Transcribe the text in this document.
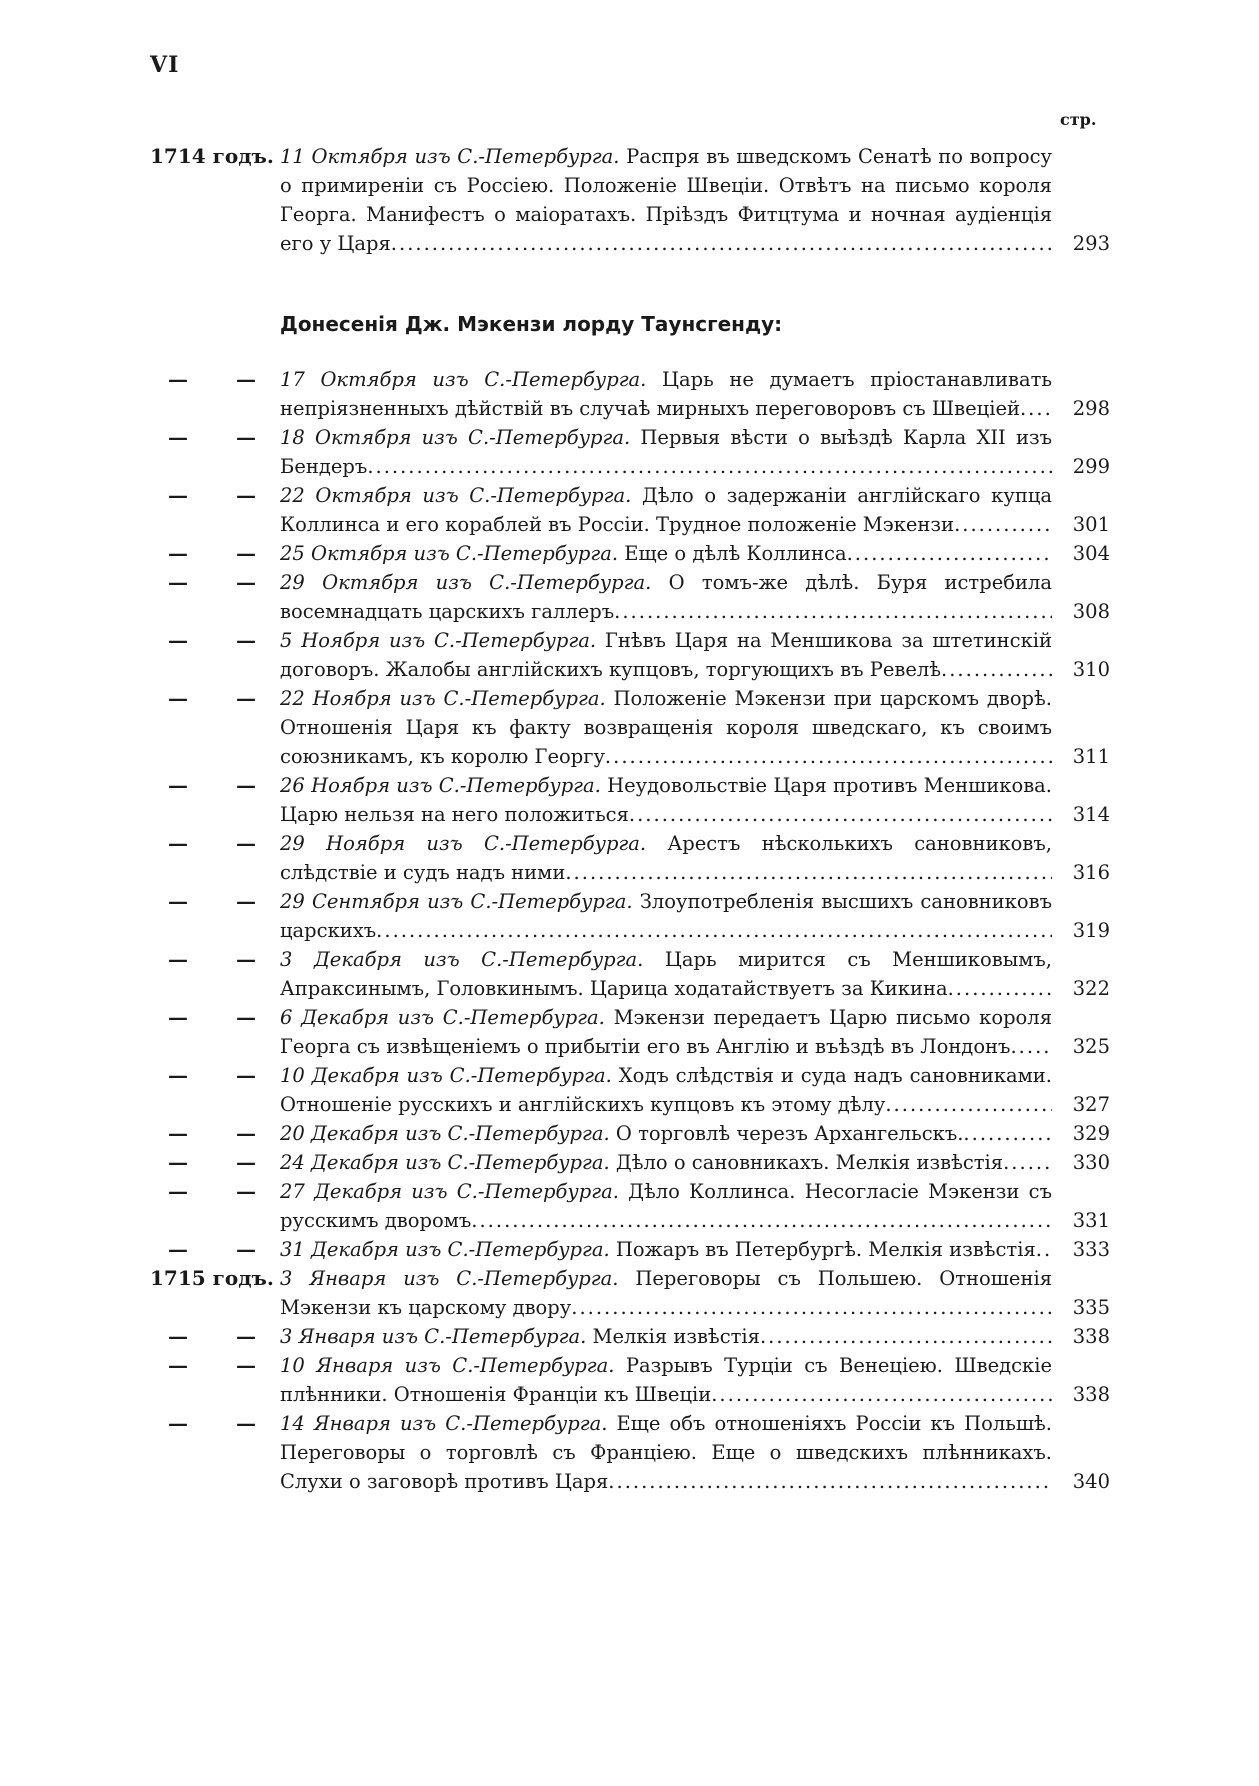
VI
стр.
1714 годъ. 11 Октября изъ С.-Петербурга. Распря въ шведскомъ Сенатѣ по вопросу о примиреніи съ Россіею. Положеніе Швеціи. Отвѣтъ на письмо короля Георга. Манифестъ о маіоратахъ. Пріѣздъ Фитцтума и ночная аудіенція его у Царя .....	293
Донесенія Дж. Мэкензи лорду Таунсгенду:
— — 17 Октября изъ С.-Петербурга. Царь не думаетъ пріостанавливать непріязненныхъ дѣйствій въ случаѣ мирныхъ переговоровъ съ Швеціей .....	298
— — 18 Октября изъ С.-Петербурга. Первыя вѣсти о выѣздѣ Карла XII изъ Бендеръ .....	299
— — 22 Октября изъ С.-Петербурга. Дѣло о задержаніи англійскаго купца Коллинса и его кораблей въ Россіи. Трудное положеніе Мэкензи .....	301
— — 25 Октября изъ С.-Петербурга. Еще о дѣлѣ Коллинса .....	304
— — 29 Октября изъ С.-Петербурга. О томъ-же дѣлѣ. Буря истребила восемнадцать царскихъ галлеръ .....	308
— — 5 Ноября изъ С.-Петербурга. Гнѣвъ Царя на Меншикова за штетинскій договоръ. Жалобы англійскихъ купцовъ, торгующихъ въ Ревелѣ .....	310
— — 22 Ноября изъ С.-Петербурга. Положеніе Мэкензи при царскомъ дворѣ. Отношенія Царя къ факту возвращенія короля шведскаго, къ своимъ союзникамъ, къ королю Георгу .....	311
— — 26 Ноября изъ С.-Петербурга. Неудовольствіе Царя противъ Меншикова. Царю нельзя на него положиться .....	314
— — 29 Ноября изъ С.-Петербурга. Арестъ нѣсколькихъ сановниковъ, слѣдствіе и судъ надъ ними .....	316
— — 29 Сентября изъ С.-Петербурга. Злоупотребленія высшихъ сановниковъ царскихъ .....	319
— — 3 Декабря изъ С.-Петербурга. Царь мирится съ Меншиковымъ, Апраксинымъ, Головкинымъ. Царица ходатайствуетъ за Кикина .....	322
— — 6 Декабря изъ С.-Петербурга. Мэкензи передаетъ Царю письмо короля Георга съ извѣщеніемъ о прибытіи его въ Англію и въѣздѣ въ Лондонъ .....	325
— — 10 Декабря изъ С.-Петербурга. Ходъ слѣдствія и суда надъ сановниками. Отношеніе русскихъ и англійскихъ купцовъ къ этому дѣлу .....	327
— — 20 Декабря изъ С.-Петербурга. О торговлѣ черезъ Архангельскъ. .....	329
— — 24 Декабря изъ С.-Петербурга. Дѣло о сановникахъ. Мелкія извѣстія .....	330
— — 27 Декабря изъ С.-Петербурга. Дѣло Коллинса. Несогласіе Мэкензи съ русскимъ дворомъ .....	331
— — 31 Декабря изъ С.-Петербурга. Пожаръ въ Петербургѣ. Мелкія извѣстія .....	333
1715 годъ. 3 Января изъ С.-Петербурга. Переговоры съ Польшею. Отношенія Мэкензи къ царскому двору .....	335
— — 3 Января изъ С.-Петербурга. Мелкія извѣстія .....	338
— — 10 Января изъ С.-Петербурга. Разрывъ Турціи съ Венеціею. Шведскіе плѣнники. Отношенія Франціи къ Швеціи .....	338
— — 14 Января изъ С.-Петербурга. Еще объ отношеніяхъ Россіи къ Польшѣ. Переговоры о торговлѣ съ Франціею. Еще о шведскихъ плѣнникахъ. Слухи о заговорѣ противъ Царя .....	340
